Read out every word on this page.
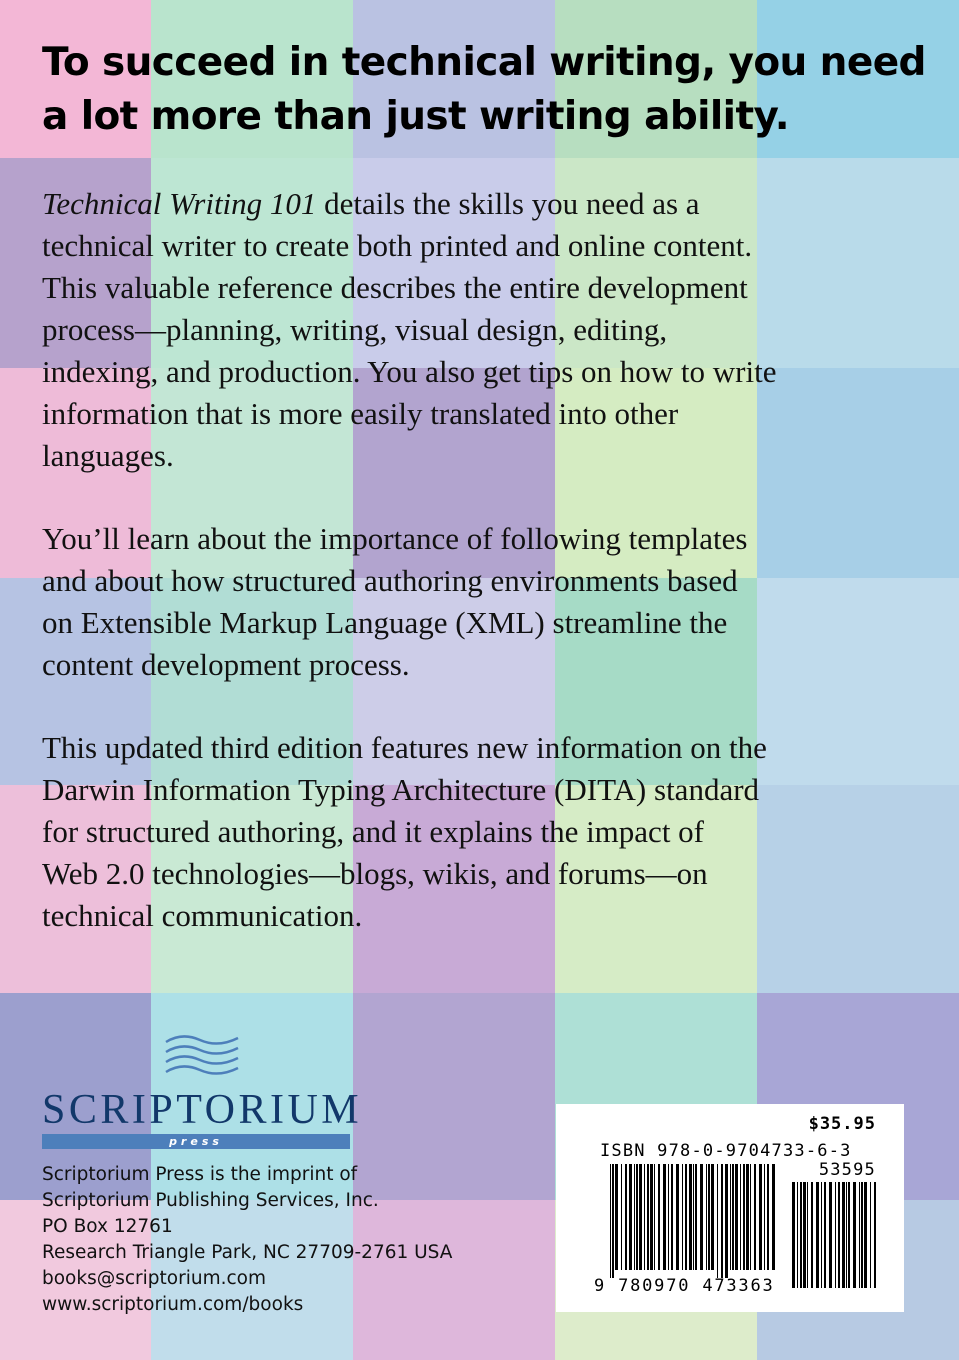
To succeed in technical writing, you need
a lot more than just writing ability.
Technical Writing 101 details the skills you need as a
technical writer to create both printed and online content.
This valuable reference describes the entire development
process—planning, writing, visual design, editing,
indexing, and production. You also get tips on how to write
information that is more easily translated into other
languages.
You’ll learn about the importance of following templates
and about how structured authoring environments based
on Extensible Markup Language (XML) streamline the
content development process.
This updated third edition features new information on the
Darwin Information Typing Architecture (DITA) standard
for structured authoring, and it explains the impact of
Web 2.0 technologies—blogs, wikis, and forums—on
technical communication.
SCRIPTORIUM
press
Scriptorium Press is the imprint of
Scriptorium Publishing Services, Inc.
PO Box 12761
Research Triangle Park, NC 27709-2761 USA
books@scriptorium.com
www.scriptorium.com/books
$35.95
ISBN 978-0-9704733-6-3
53595
9 780970 473363
